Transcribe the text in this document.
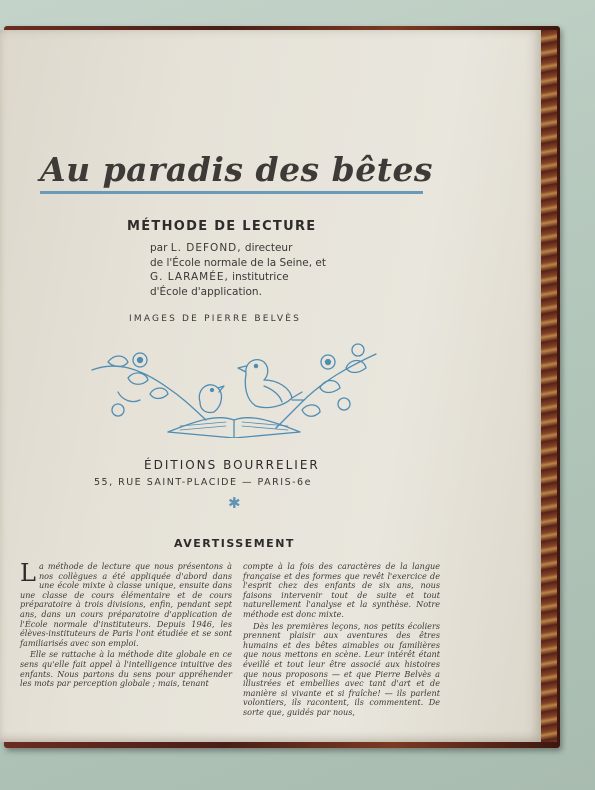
Au paradis des bêtes
MÉTHODE DE LECTURE
par L. DEFOND, directeur
de l'École normale de la Seine, et
G. LARAMÉE, institutrice
d'École d'application.

IMAGES DE PIERRE BELVÈS

ÉDITIONS BOURRELIER

55, RUE SAINT-PLACIDE — PARIS-6e

✱
AVERTISSEMENT

La méthode de lecture que nous présentons à nos collègues a été appliquée d'abord dans une école mixte à classe unique, ensuite dans une classe de cours élémentaire et de cours préparatoire à trois divisions, enfin, pendant sept ans, dans un cours préparatoire d'application de l'École normale d'instituteurs. Depuis 1946, les élèves-instituteurs de Paris l'ont étudiée et se sont familiarisés avec son emploi.

Elle se rattache à la méthode dite globale en ce sens qu'elle fait appel à l'intelligence intuitive des enfants. Nous partons du sens pour appréhender les mots par perception globale ; mais, tenant

compte à la fois des caractères de la langue française et des formes que revêt l'exercice de l'esprit chez des enfants de six ans, nous faisons intervenir tout de suite et tout naturellement l'analyse et la synthèse. Notre méthode est donc mixte.

Dès les premières leçons, nos petits écoliers prennent plaisir aux aventures des êtres humains et des bêtes aimables ou familières que nous mettons en scène. Leur intérêt étant éveillé et tout leur être associé aux histoires que nous proposons — et que Pierre Belvès a illustrées et embellies avec tant d'art et de manière si vivante et si fraîche! — ils parlent volontiers, ils racontent, ils commentent. De sorte que, guidés par nous,
